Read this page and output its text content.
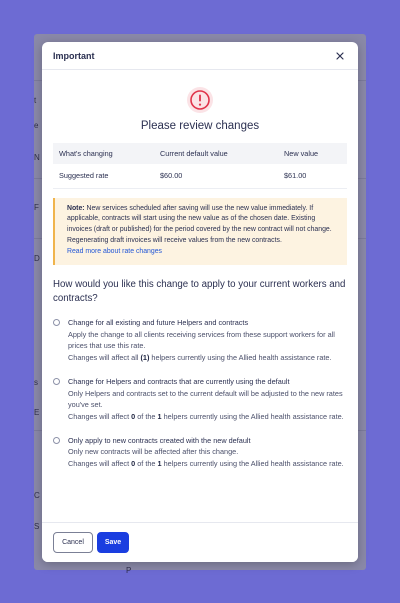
t
e
N
F
D
s
E
C
S
P
Important
Please review changes
What's changing	Current default value	New value
Suggested rate	$60.00	$61.00
Note: New services scheduled after saving will use the new value immediately. If applicable, contracts will start using the new value as of the chosen date. Existing invoices (draft or published) for the period covered by the new contract will not change. Regenerating draft invoices will receive values from the new contracts.
Read more about rate changes
How would you like this change to apply to your current workers and contracts?
Change for all existing and future Helpers and contracts
Apply the change to all clients receiving services from these support workers for all prices that use this rate.
Changes will affect all (1) helpers currently using the Allied health assistance rate.
Change for Helpers and contracts that are currently using the default
Only Helpers and contracts set to the current default will be adjusted to the new rates you've set.
Changes will affect 0 of the 1 helpers currently using the Allied health assistance rate.
Only apply to new contracts created with the new default
Only new contracts will be affected after this change.
Changes will affect 0 of the 1 helpers currently using the Allied health assistance rate.
Cancel	Save
